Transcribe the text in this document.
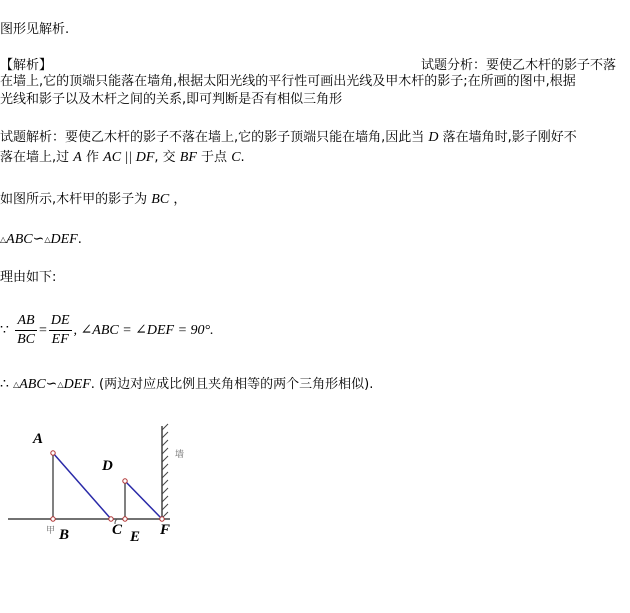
图形见解析.
【解析】	试题分析：要使乙木杆的影子不落
在墙上,它的顶端只能落在墙角,根据太阳光线的平行性可画出光线及甲木杆的影子;在所画的图中,根据
光线和影子以及木杆之间的关系,即可判断是否有相似三角形
试题解析：要使乙木杆的影子不落在墙上,它的影子顶端只能在墙角,因此当 D 落在墙角时,影子刚好不
落在墙上,过 A 作 AC || DF, 交 BF 于点 C.
如图所示,木杆甲的影子为 BC ，
△ABC∽△DEF.
理由如下:
∵ $\frac{AB}{BC} = \frac{DE}{EF}$ , ∠ABC = ∠DEF = 90°.
∴ △ABC∽△DEF. (两边对应成比例且夹角相等的两个三角形相似).
A
B	C
D
E F
甲
墙
